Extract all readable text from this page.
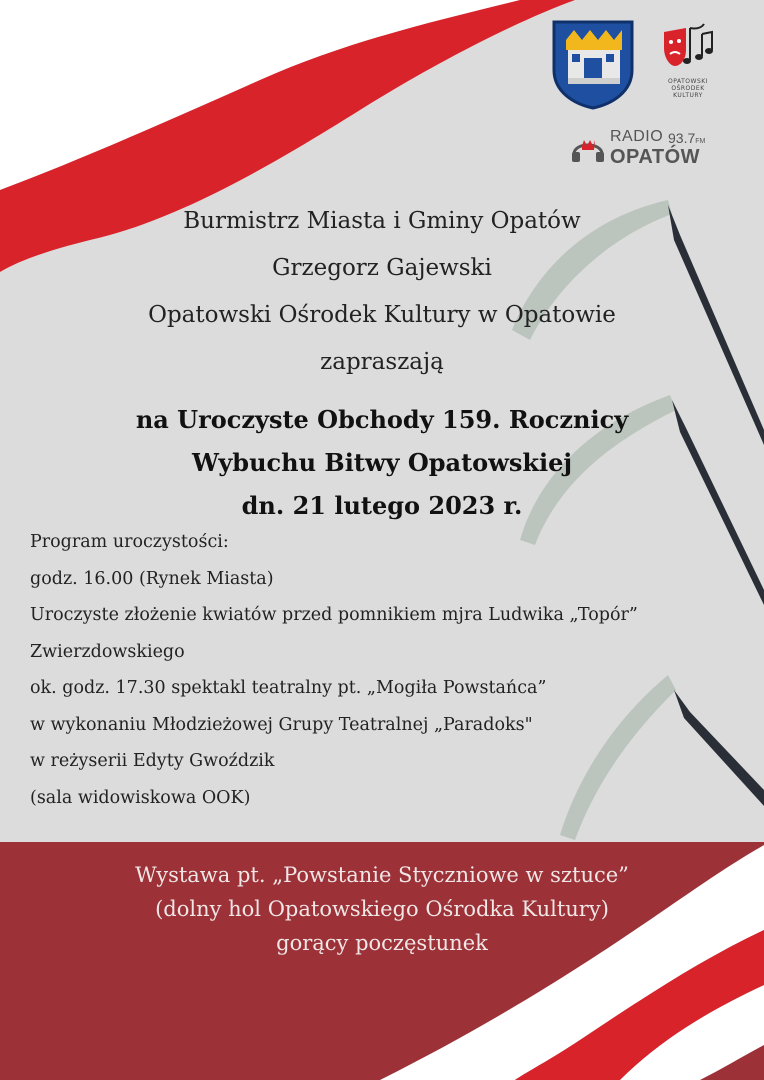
OPATOWSKI
OŚRODEK
KULTURY
RADIO 93.7FM
OPATÓW
Burmistrz Miasta i Gminy Opatów
Grzegorz Gajewski
Opatowski Ośrodek Kultury w Opatowie
zapraszają
na Uroczyste Obchody 159. Rocznicy
Wybuchu Bitwy Opatowskiej
dn. 21 lutego 2023 r.
Program uroczystości:
godz. 16.00 (Rynek Miasta)
Uroczyste złożenie kwiatów przed pomnikiem mjra Ludwika „Topór”
Zwierzdowskiego
ok. godz. 17.30 spektakl teatralny pt. „Mogiła Powstańca”
w wykonaniu Młodzieżowej Grupy Teatralnej „Paradoks"
w reżyserii Edyty Gwoździk
(sala widowiskowa OOK)
Wystawa pt. „Powstanie Styczniowe w sztuce”
(dolny hol Opatowskiego Ośrodka Kultury)
gorący poczęstunek
